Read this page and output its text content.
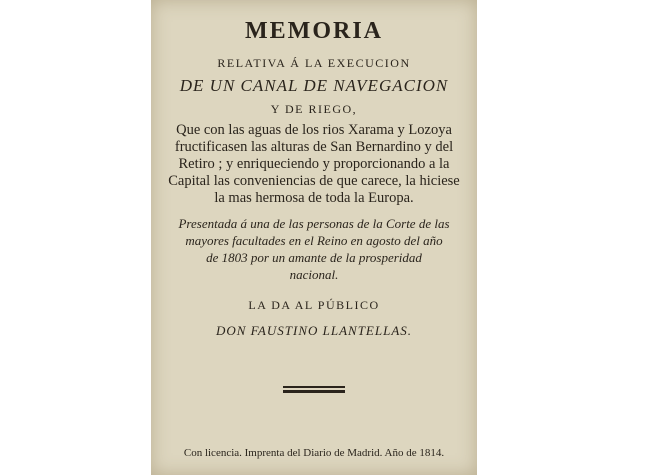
MEMORIA
RELATIVA Á LA EXECUCION
DE UN CANAL DE NAVEGACION
Y DE RIEGO,
Que con las aguas de los rios Xarama y Lozoya
fructificasen las alturas de San Bernardino y del
Retiro ; y enriqueciendo y proporcionando a la
Capital las conveniencias de que carece, la hiciese
la mas hermosa de toda la Europa.
Presentada á una de las personas de la Corte de las
mayores facultades en el Reino en agosto del año
de 1803 por un amante de la prosperidad
nacional.
LA DA AL PÚBLICO
DON FAUSTINO LLANTELLAS.
Con licencia. Imprenta del Diario de Madrid. Año de 1814.
